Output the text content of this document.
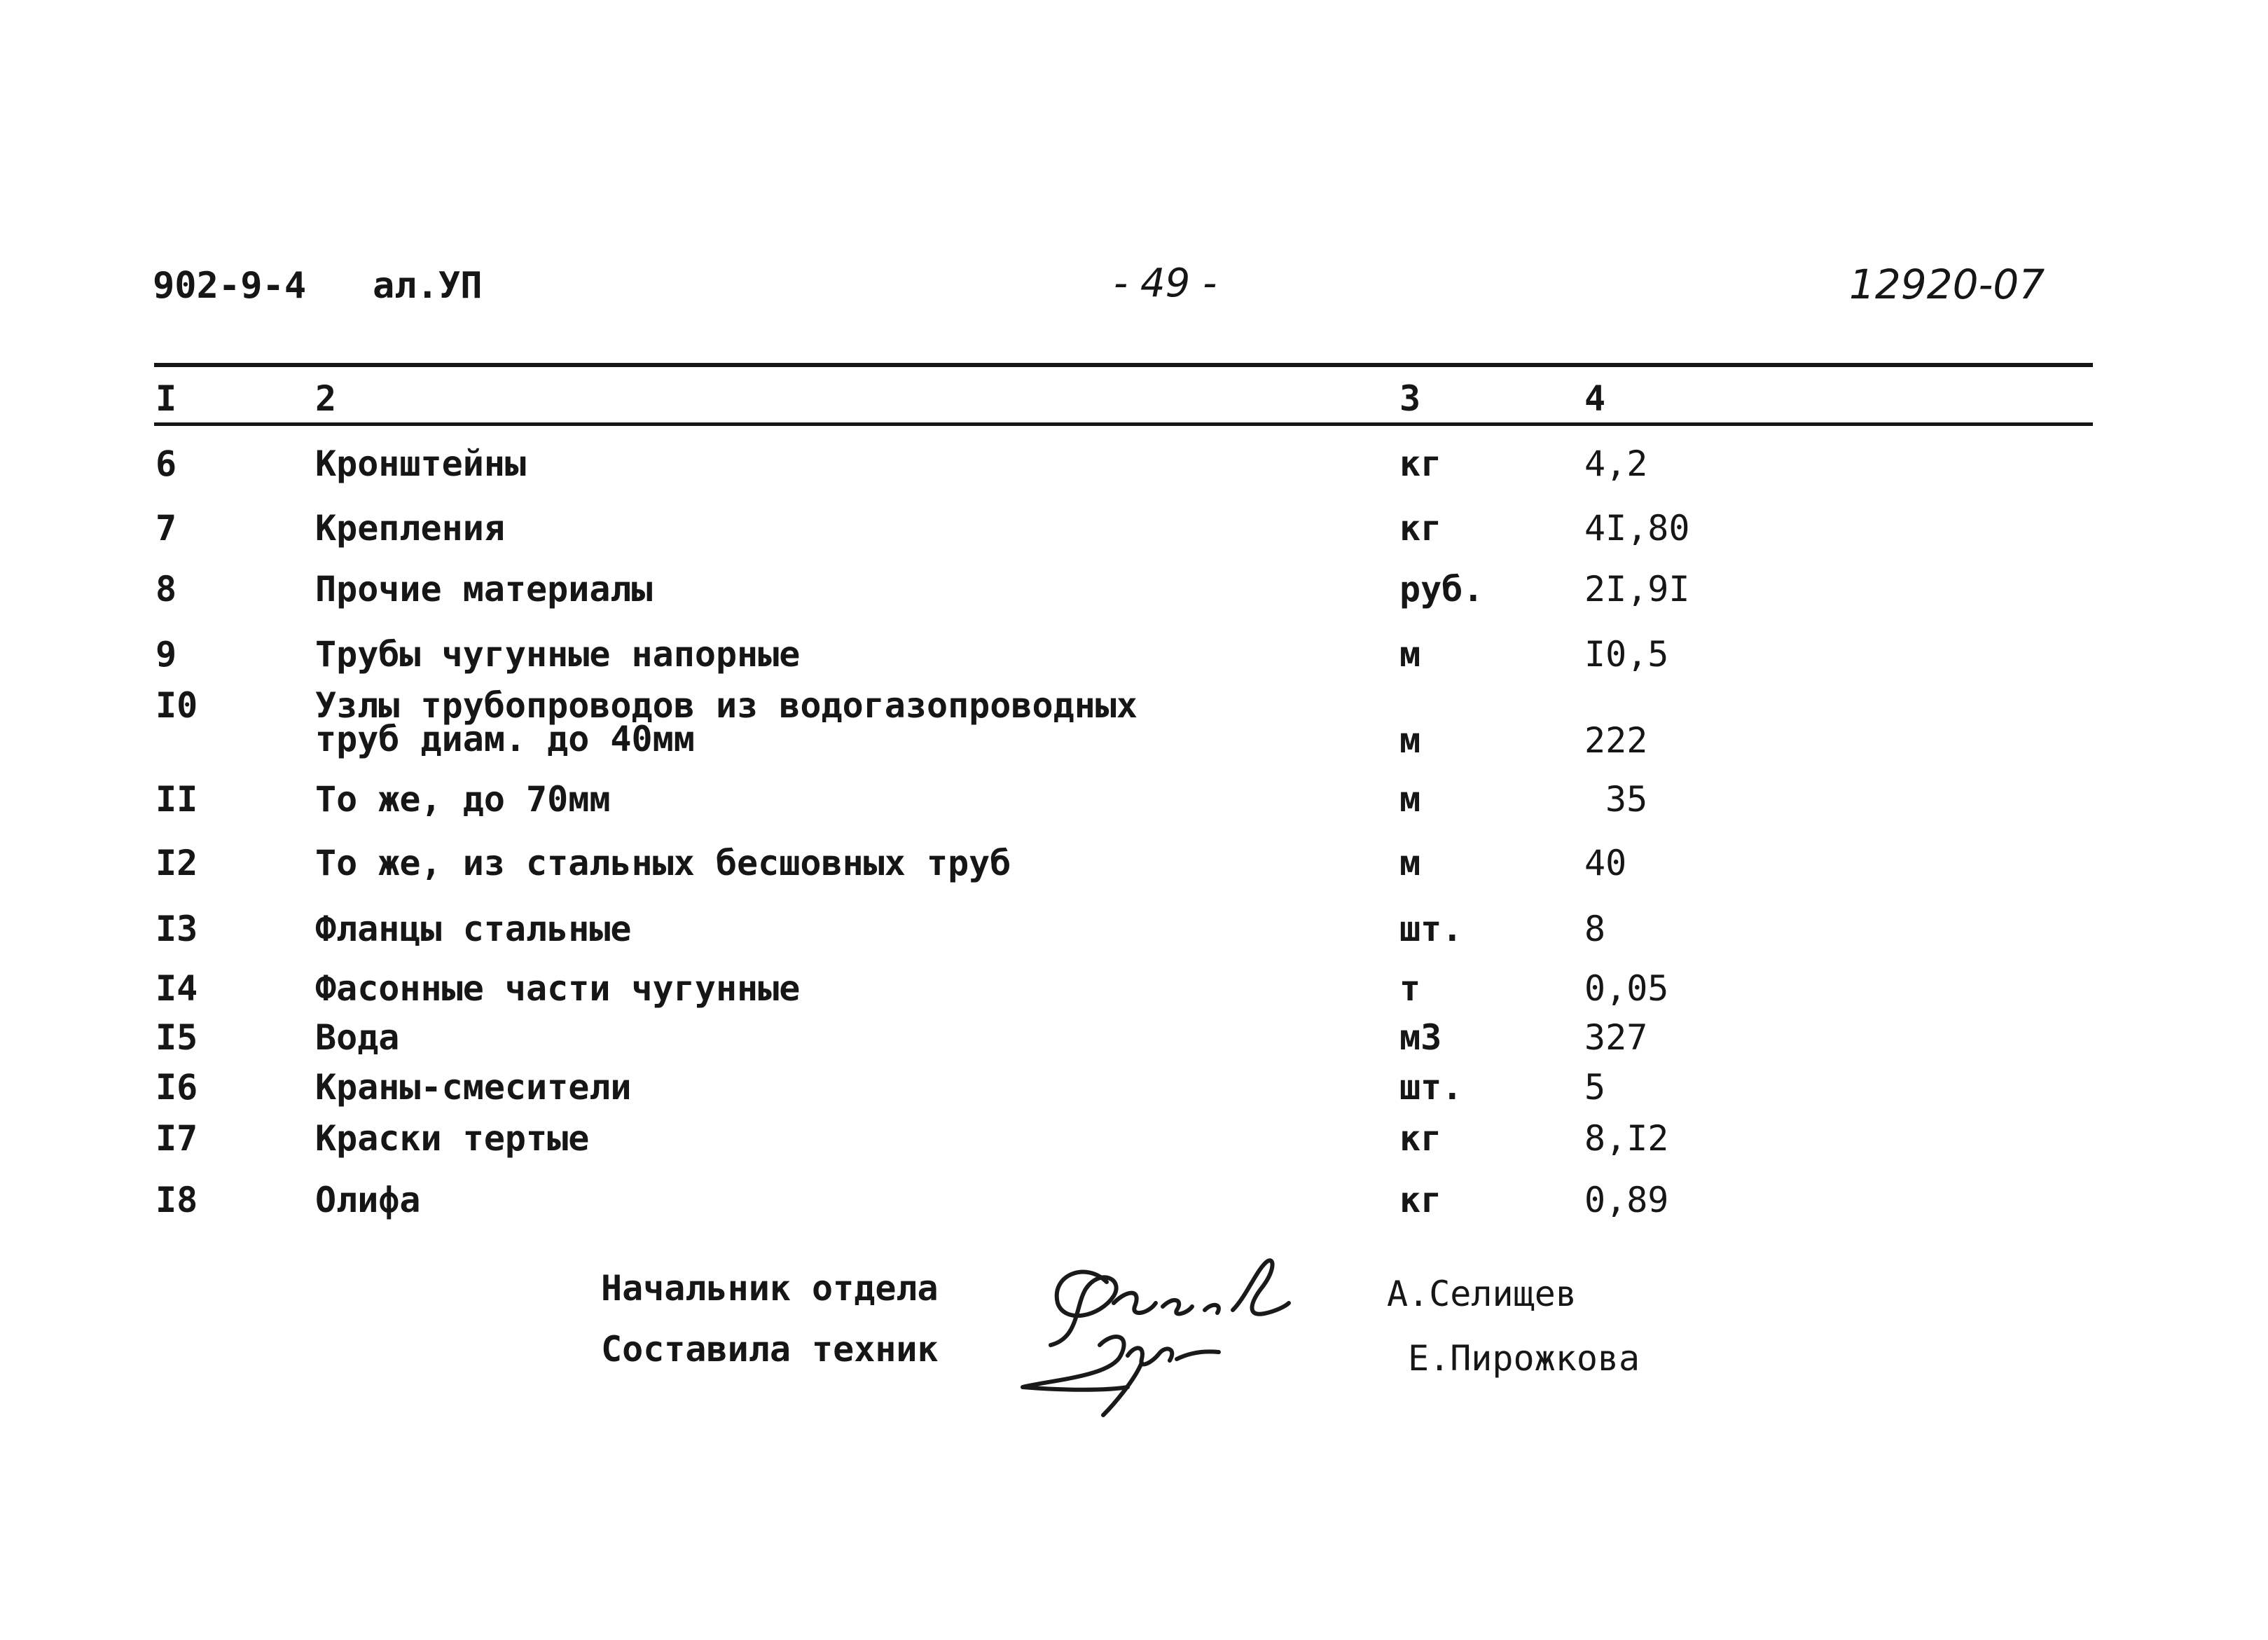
902-9-4 ал.УП	- 49 -	12920-07
I	2	3	4
6	Кронштейны	кг	4,2
7	Крепления	кг	4I,80
8	Прочие материалы	руб.	2I,9I
9	Трубы чугунные напорные	м	I0,5
I0	Узлы трубопроводов из водогазопроводных
труб диам. до 40мм	м	222
II	То же, до 70мм	м	35
I2	То же, из стальных бесшовных труб	м	40
I3	Фланцы стальные	шт.	8
I4	Фасонные части чугунные	т	0,05
I5	Вода	м3	327
I6	Краны-смесители	шт.	5
I7	Краски тертые	кг	8,I2
I8	Олифа	кг	0,89
Начальник отдела	А.Селищев
Составила техник	Е.Пирожкова
